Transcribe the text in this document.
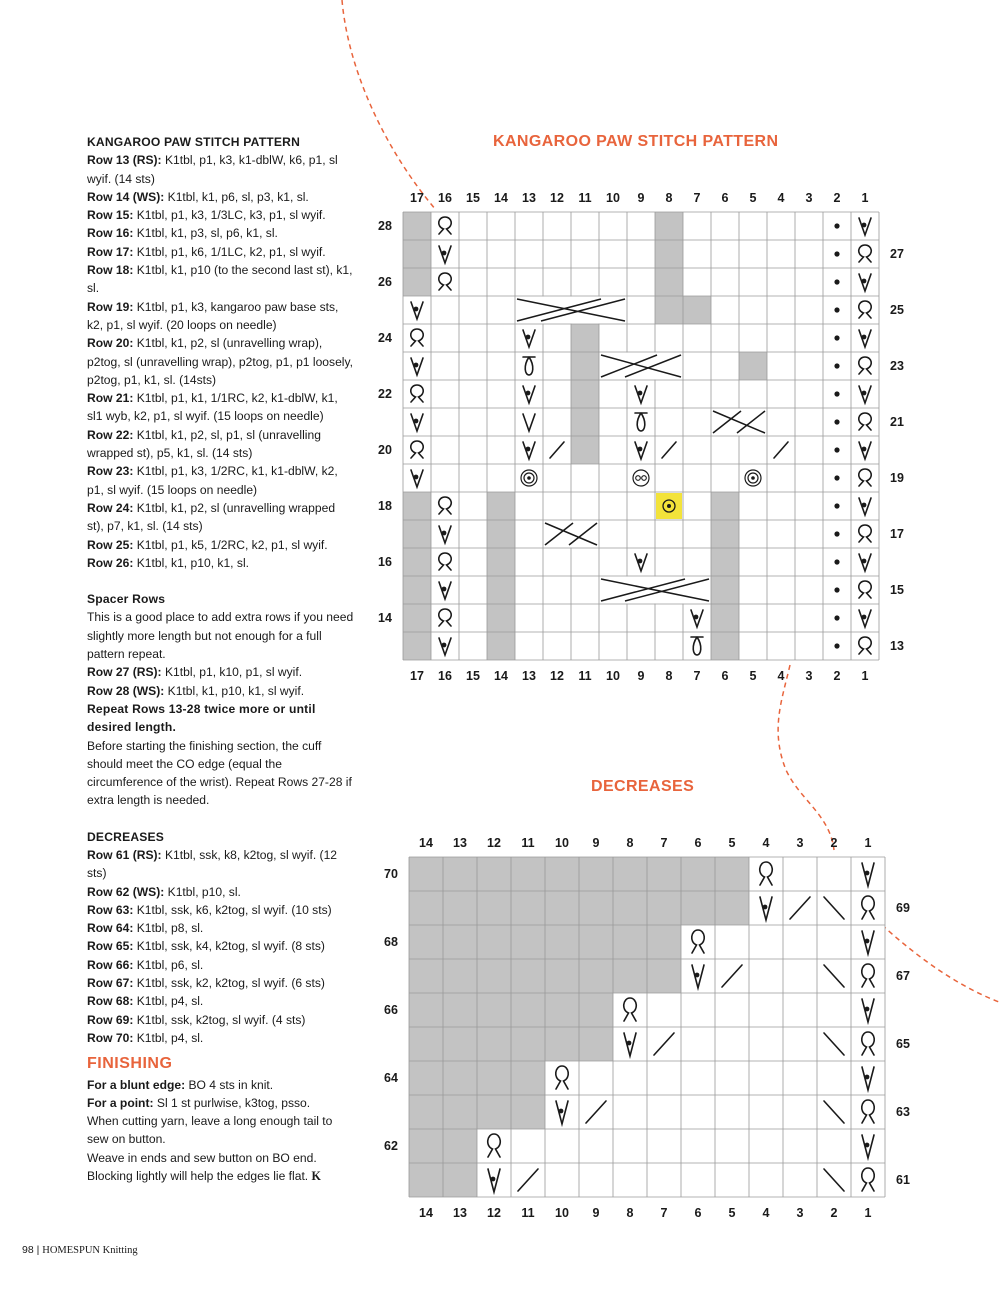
KANGAROO PAW STITCH PATTERN

Row 13 (RS): K1tbl, p1, k3, k1-dblW, k6, p1, sl wyif. (14 sts)

Row 14 (WS): K1tbl, k1, p6, sl, p3, k1, sl.

Row 15: K1tbl, p1, k3, 1/3LC, k3, p1, sl wyif.

Row 16: K1tbl, k1, p3, sl, p6, k1, sl.

Row 17: K1tbl, p1, k6, 1/1LC, k2, p1, sl wyif.

Row 18: K1tbl, k1, p10 (to the second last st), k1, sl.

Row 19: K1tbl, p1, k3, kangaroo paw base sts, k2, p1, sl wyif. (20 loops on needle)

Row 20: K1tbl, k1, p2, sl (unravelling wrap), p2tog, sl (unravelling wrap), p2tog, p1, p1 loosely, p2tog, p1, k1, sl. (14sts)

Row 21: K1tbl, p1, k1, 1/1RC, k2, k1-dblW, k1, sl1 wyb, k2, p1, sl wyif. (15 loops on needle)

Row 22: K1tbl, k1, p2, sl, p1, sl (unravelling wrapped st), p5, k1, sl. (14 sts)

Row 23: K1tbl, p1, k3, 1/2RC, k1, k1-dblW, k2, p1, sl wyif. (15 loops on needle)

Row 24: K1tbl, k1, p2, sl (unravelling wrapped st), p7, k1, sl. (14 sts)

Row 25: K1tbl, p1, k5, 1/2RC, k2, p1, sl wyif.

Row 26: K1tbl, k1, p10, k1, sl.

Spacer Rows

This is a good place to add extra rows if you need slightly more length but not enough for a full pattern repeat.

Row 27 (RS): K1tbl, p1, k10, p1, sl wyif.

Row 28 (WS): K1tbl, k1, p10, k1, sl wyif.

Repeat Rows 13-28 twice more or until desired length.

Before starting the finishing section, the cuff should meet the CO edge (equal the circumference of the wrist). Repeat Rows 27-28 if extra length is needed.

DECREASES

Row 61 (RS): K1tbl, ssk, k8, k2tog, sl wyif. (12 sts)

Row 62 (WS): K1tbl, p10, sl.

Row 63: K1tbl, ssk, k6, k2tog, sl wyif. (10 sts)

Row 64: K1tbl, p8, sl.

Row 65: K1tbl, ssk, k4, k2tog, sl wyif. (8 sts)

Row 66: K1tbl, p6, sl.

Row 67: K1tbl, ssk, k2, k2tog, sl wyif. (6 sts)

Row 68: K1tbl, p4, sl.

Row 69: K1tbl, ssk, k2tog, sl wyif. (4 sts)

Row 70: K1tbl, p4, sl.

FINISHING

For a blunt edge: BO 4 sts in knit.

For a point: Sl 1 st purlwise, k3tog, psso.

When cutting yarn, leave a long enough tail to sew on button.

Weave in ends and sew button on BO end. Blocking lightly will help the edges lie flat. K

KANGAROO PAW STITCH PATTERN
17
17
16
16
15
15
14
14
13
13
12
12
11
11
10
10
9
9
8
8
7
7
6
6
5
5
4
4
3
3
2
2
1
1
28
26
24
22
20
18
16
14
27
25
23
21
19
17
15
13
DECREASES
14
14
13
13
12
12
11
11
10
10
9
9
8
8
7
7
6
6
5
5
4
4
3
3
2
2
1
1
70
68
66
64
62
69
67
65
63
61
98 | HOMESPUN Knitting
